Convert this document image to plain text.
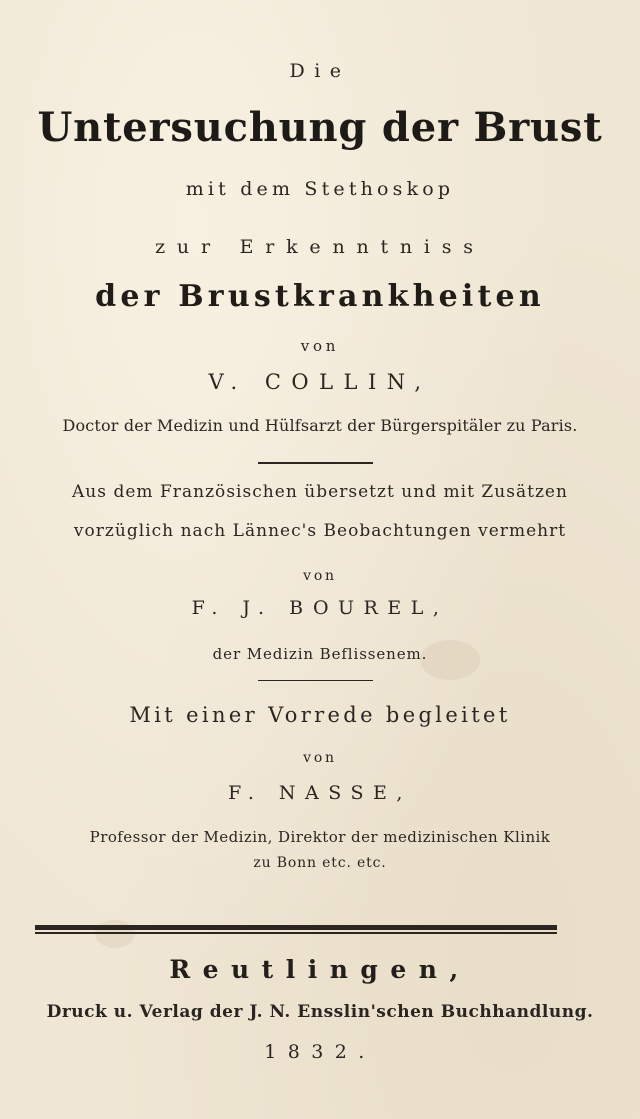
Die
Untersuchung der Brust
mit dem Stethoskop
zur Erkenntniss
der Brustkrankheiten
von
V. COLLIN,
Doctor der Medizin und Hülfsarzt der Bürgerspitäler zu Paris.
Aus dem Französischen übersetzt und mit Zusätzen
vorzüglich nach Lännec's Beobachtungen vermehrt
von
F. J. BOUREL,
der Medizin Beflissenem.
Mit einer Vorrede begleitet
von
F. NASSE,
Professor der Medizin, Direktor der medizinischen Klinik
zu Bonn etc. etc.
Reutlingen,
Druck u. Verlag der J. N. Ensslin'schen Buchhandlung.
1832.
